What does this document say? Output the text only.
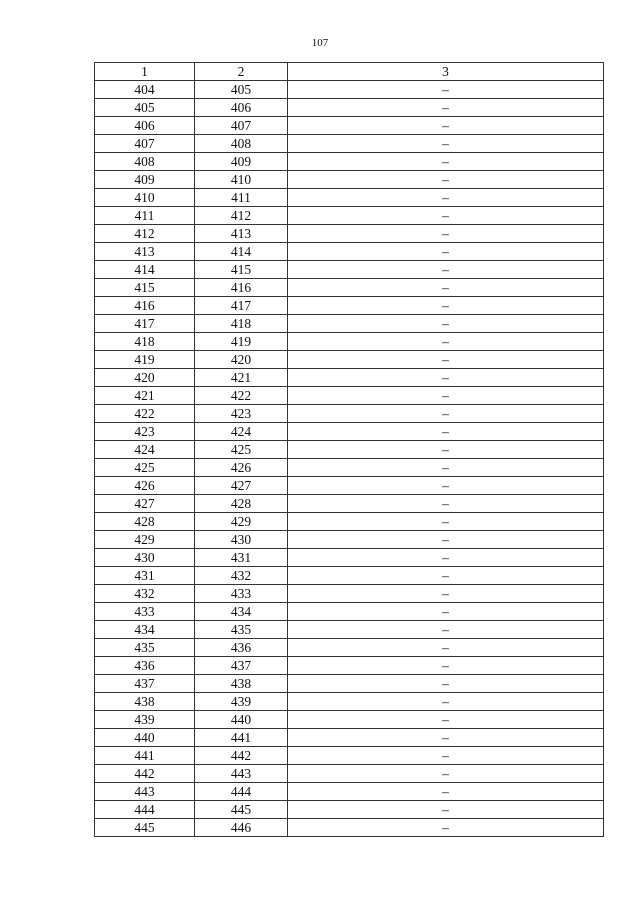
107
1	2	3
404	405	–
405	406	–
406	407	–
407	408	–
408	409	–
409	410	–
410	411	–
411	412	–
412	413	–
413	414	–
414	415	–
415	416	–
416	417	–
417	418	–
418	419	–
419	420	–
420	421	–
421	422	–
422	423	–
423	424	–
424	425	–
425	426	–
426	427	–
427	428	–
428	429	–
429	430	–
430	431	–
431	432	–
432	433	–
433	434	–
434	435	–
435	436	–
436	437	–
437	438	–
438	439	–
439	440	–
440	441	–
441	442	–
442	443	–
443	444	–
444	445	–
445	446	–
